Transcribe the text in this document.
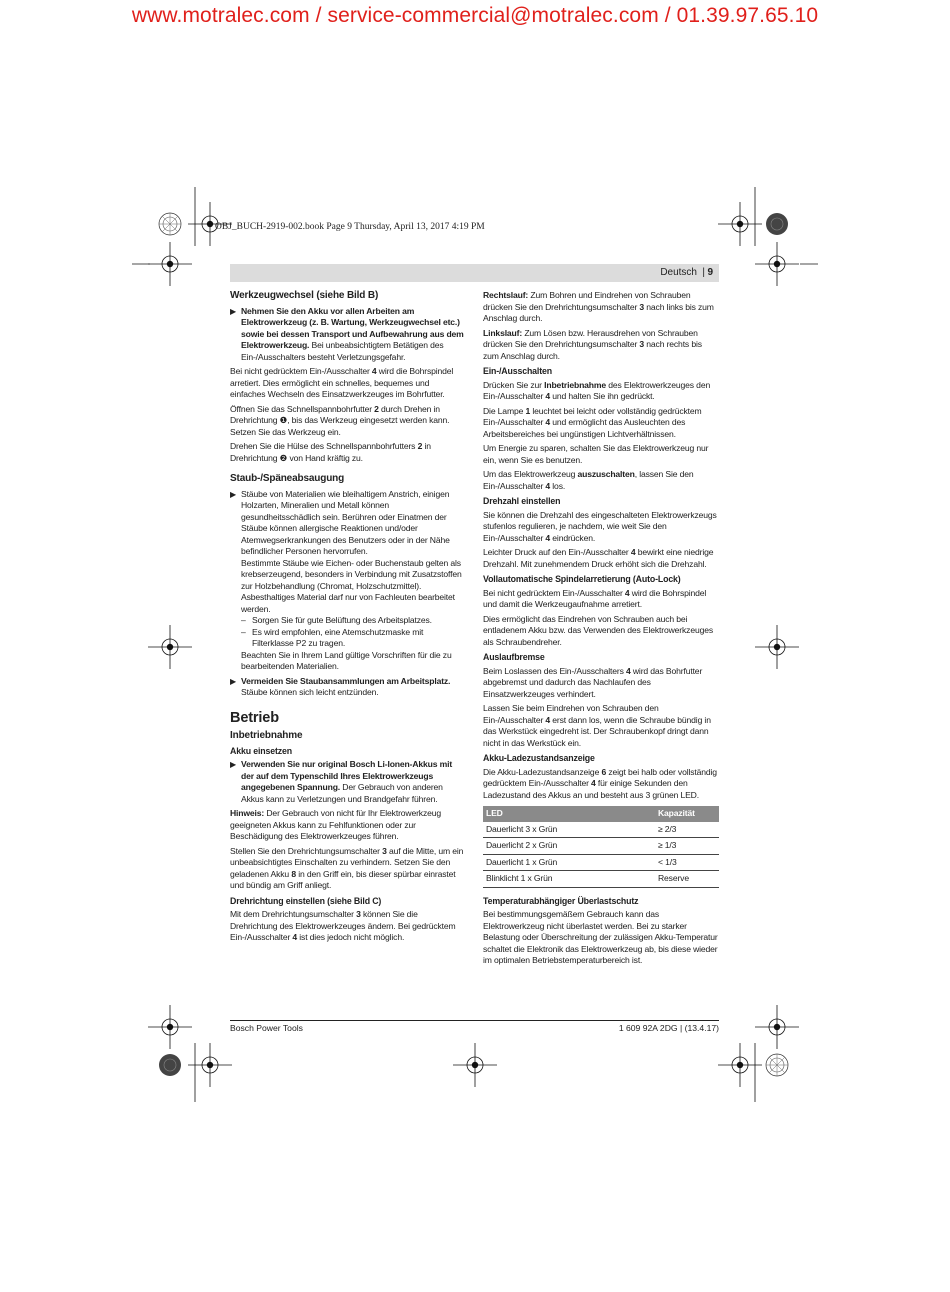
www.motralec.com / service-commercial@motralec.com / 01.39.97.65.10
OBJ_BUCH-2919-002.book Page 9 Thursday, April 13, 2017 4:19 PM
Deutsch | 9
Werkzeugwechsel (siehe Bild B)
▶ Nehmen Sie den Akku vor allen Arbeiten am Elektrowerkzeug (z. B. Wartung, Werkzeugwechsel etc.) sowie bei dessen Transport und Aufbewahrung aus dem Elektrowerkzeug. Bei unbeabsichtigtem Betätigen des Ein-/Ausschalters besteht Verletzungsgefahr.

Bei nicht gedrücktem Ein-/Ausschalter 4 wird die Bohrspindel arretiert. Dies ermöglicht ein schnelles, bequemes und einfaches Wechseln des Einsatzwerkzeuges im Bohrfutter.

Öffnen Sie das Schnellspannbohrfutter 2 durch Drehen in Drehrichtung ❶, bis das Werkzeug eingesetzt werden kann. Setzen Sie das Werkzeug ein.

Drehen Sie die Hülse des Schnellspannbohrfutters 2 in Drehrichtung ❷ von Hand kräftig zu.

Staub-/Späneabsaugung
▶ Stäube von Materialien wie bleihaltigem Anstrich, einigen Holzarten, Mineralien und Metall können gesundheitsschädlich sein. Berühren oder Einatmen der Stäube können allergische Reaktionen und/oder Atemwegserkrankungen des Benutzers oder in der Nähe befindlicher Personen hervorrufen.
Bestimmte Stäube wie Eichen- oder Buchenstaub gelten als krebserzeugend, besonders in Verbindung mit Zusatzstoffen zur Holzbehandlung (Chromat, Holzschutzmittel). Asbesthaltiges Material darf nur von Fachleuten bearbeitet werden.
– Sorgen Sie für gute Belüftung des Arbeitsplatzes.
– Es wird empfohlen, eine Atemschutzmaske mit Filterklasse P2 zu tragen.

Beachten Sie in Ihrem Land gültige Vorschriften für die zu bearbeitenden Materialien.

▶ Vermeiden Sie Staubansammlungen am Arbeitsplatz.
Stäube können sich leicht entzünden.
Betrieb
Inbetriebnahme
Akku einsetzen
▶ Verwenden Sie nur original Bosch Li-Ionen-Akkus mit der auf dem Typenschild Ihres Elektrowerkzeugs angegebenen Spannung. Der Gebrauch von anderen Akkus kann zu Verletzungen und Brandgefahr führen.

Hinweis: Der Gebrauch von nicht für Ihr Elektrowerkzeug geeigneten Akkus kann zu Fehlfunktionen oder zur Beschädigung des Elektrowerkzeuges führen.

Stellen Sie den Drehrichtungsumschalter 3 auf die Mitte, um ein unbeabsichtigtes Einschalten zu verhindern. Setzen Sie den geladenen Akku 8 in den Griff ein, bis dieser spürbar einrastet und bündig am Griff anliegt.

Drehrichtung einstellen (siehe Bild C)

Mit dem Drehrichtungsumschalter 3 können Sie die Drehrichtung des Elektrowerkzeuges ändern. Bei gedrücktem Ein-/Ausschalter 4 ist dies jedoch nicht möglich.

Rechtslauf: Zum Bohren und Eindrehen von Schrauben drücken Sie den Drehrichtungsumschalter 3 nach links bis zum Anschlag durch.

Linkslauf: Zum Lösen bzw. Herausdrehen von Schrauben drücken Sie den Drehrichtungsumschalter 3 nach rechts bis zum Anschlag durch.

Ein-/Ausschalten

Drücken Sie zur Inbetriebnahme des Elektrowerkzeuges den Ein-/Ausschalter 4 und halten Sie ihn gedrückt.

Die Lampe 1 leuchtet bei leicht oder vollständig gedrücktem Ein-/Ausschalter 4 und ermöglicht das Ausleuchten des Arbeitsbereiches bei ungünstigen Lichtverhältnissen.

Um Energie zu sparen, schalten Sie das Elektrowerkzeug nur ein, wenn Sie es benutzen.

Um das Elektrowerkzeug auszuschalten, lassen Sie den Ein-/Ausschalter 4 los.

Drehzahl einstellen

Sie können die Drehzahl des eingeschalteten Elektrowerkzeugs stufenlos regulieren, je nachdem, wie weit Sie den Ein-/Ausschalter 4 eindrücken.

Leichter Druck auf den Ein-/Ausschalter 4 bewirkt eine niedrige Drehzahl. Mit zunehmendem Druck erhöht sich die Drehzahl.

Vollautomatische Spindelarretierung (Auto-Lock)

Bei nicht gedrücktem Ein-/Ausschalter 4 wird die Bohrspindel und damit die Werkzeugaufnahme arretiert.

Dies ermöglicht das Eindrehen von Schrauben auch bei entladenem Akku bzw. das Verwenden des Elektrowerkzeuges als Schraubendreher.

Auslaufbremse

Beim Loslassen des Ein-/Ausschalters 4 wird das Bohrfutter abgebremst und dadurch das Nachlaufen des Einsatzwerkzeuges verhindert.

Lassen Sie beim Eindrehen von Schrauben den Ein-/Ausschalter 4 erst dann los, wenn die Schraube bündig in das Werkstück eingedreht ist. Der Schraubenkopf dringt dann nicht in das Werkstück ein.

Akku-Ladezustandsanzeige

Die Akku-Ladezustandsanzeige 6 zeigt bei halb oder vollständig gedrücktem Ein-/Ausschalter 4 für einige Sekunden den Ladezustand des Akkus an und besteht aus 3 grünen LED.

LED	Kapazität
Dauerlicht 3 x Grün	≥ 2/3
Dauerlicht 2 x Grün	≥ 1/3
Dauerlicht 1 x Grün	< 1/3
Blinklicht 1 x Grün	Reserve
Temperaturabhängiger Überlastschutz

Bei bestimmungsgemäßem Gebrauch kann das Elektrowerkzeug nicht überlastet werden. Bei zu starker Belastung oder Überschreitung der zulässigen Akku-Temperatur schaltet die Elektronik das Elektrowerkzeug ab, bis diese wieder im optimalen Betriebstemperaturbereich ist.

Bosch Power Tools	1 609 92A 2DG | (13.4.17)
